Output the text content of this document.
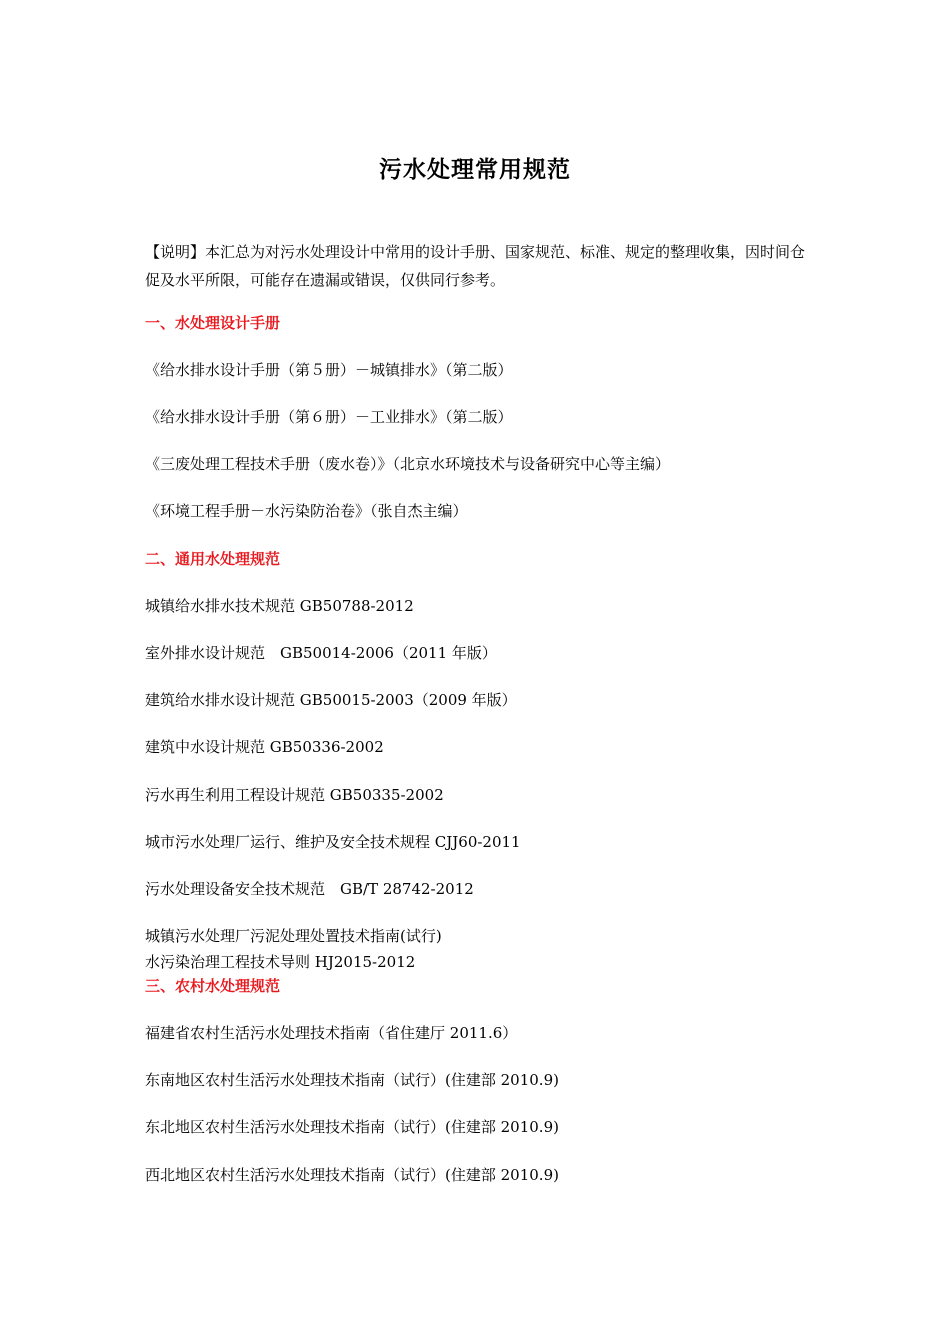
污水处理常用规范
【说明】本汇总为对污水处理设计中常用的设计手册、国家规范、标准、规定的整理收集，因时间仓促及水平所限，可能存在遗漏或错误，仅供同行参考。
一、水处理设计手册
《给水排水设计手册（第５册）－城镇排水》（第二版）
《给水排水设计手册（第６册）－工业排水》（第二版）
《三废处理工程技术手册（废水卷）》（北京水环境技术与设备研究中心等主编）
《环境工程手册－水污染防治卷》（张自杰主编）
二、通用水处理规范
城镇给水排水技术规范 GB50788-2012
室外排水设计规范　GB50014-2006（2011 年版）
建筑给水排水设计规范 GB50015-2003（2009 年版）
建筑中水设计规范 GB50336-2002
污水再生利用工程设计规范 GB50335-2002
城市污水处理厂运行、维护及安全技术规程 CJJ60-2011
污水处理设备安全技术规范　GB/T 28742-2012
城镇污水处理厂污泥处理处置技术指南(试行)
水污染治理工程技术导则 HJ2015-2012
三、农村水处理规范
福建省农村生活污水处理技术指南（省住建厅 2011.6）
东南地区农村生活污水处理技术指南（试行）(住建部 2010.9)
东北地区农村生活污水处理技术指南（试行）(住建部 2010.9)
西北地区农村生活污水处理技术指南（试行）(住建部 2010.9)
